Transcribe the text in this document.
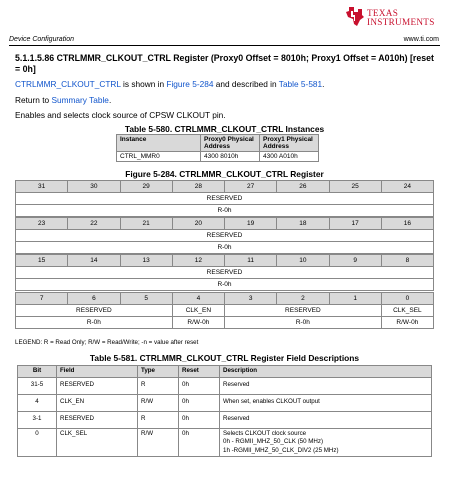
TEXAS
INSTRUMENTS
Device Configuration	www.ti.com
5.1.1.5.86 CTRLMMR_CLKOUT_CTRL Register (Proxy0 Offset = 8010h; Proxy1 Offset = A010h) [reset = 0h]
CTRLMMR_CLKOUT_CTRL is shown in Figure 5-284 and described in Table 5-581.
Return to Summary Table.
Enables and selects clock source of CPSW CLKOUT pin.
Table 5-580. CTRLMMR_CLKOUT_CTRL Instances
Instance	Proxy0 Physical Address	Proxy1 Physical Address
CTRL_MMR0	4300 8010h	4300 A010h
Figure 5-284. CTRLMMR_CLKOUT_CTRL Register
31	30	29	28	27	26	25	24
RESERVED
R-0h
23	22	21	20	19	18	17	16
RESERVED
R-0h
15	14	13	12	11	10	9	8
RESERVED
R-0h
7	6	5	4	3	2	1	0
RESERVED			CLK_EN	RESERVED			CLK_SEL
R-0h			R/W-0h	R-0h			R/W-0h
LEGEND: R = Read Only; R/W = Read/Write; -n = value after reset
Table 5-581. CTRLMMR_CLKOUT_CTRL Register Field Descriptions
Bit	Field	Type	Reset	Description
31-5	RESERVED	R	0h	Reserved
4	CLK_EN	R/W	0h	When set, enables CLKOUT output
3-1	RESERVED	R	0h	Reserved
0	CLK_SEL	R/W	0h	Selects CLKOUT clock source
0h - RGMII_MHZ_50_CLK (50 MHz)
1h -RGMII_MHZ_50_CLK_DIV2 (25 MHz)
